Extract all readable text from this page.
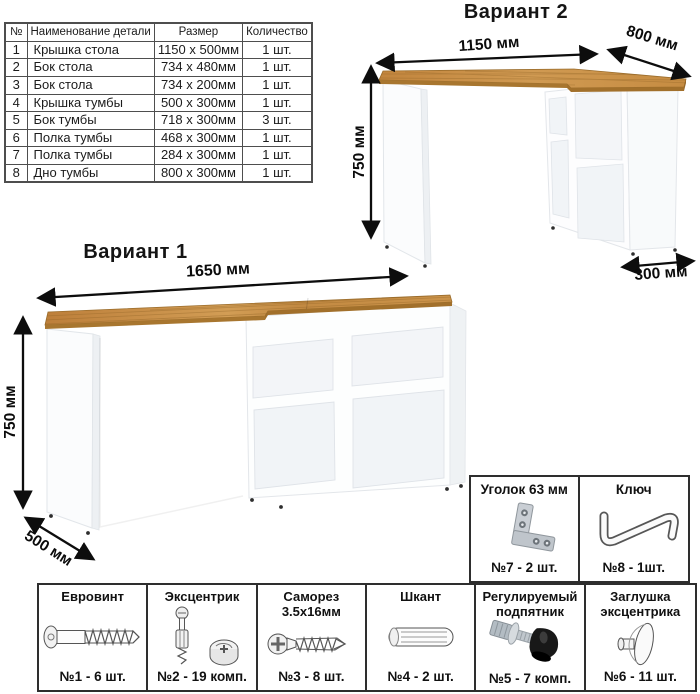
№	Наименование детали	Размер	Количество
1	Крышка стола	1150 x 500мм	1 шт.
2	Бок стола	734 x 480мм	1 шт.
3	Бок стола	734 x 200мм	1 шт.
4	Крышка тумбы	500 x 300мм	1 шт.
5	Бок тумбы	718 x 300мм	3 шт.
6	Полка тумбы	468 x 300мм	1 шт.
7	Полка тумбы	284 x 300мм	1 шт.
8	Дно тумбы	800 x 300мм	1 шт.
Вариант 2
1150 мм	800 мм
750 мм
300 мм
Вариант 1
1650 мм
750 мм
500 мм
Уголок 63 мм
№7 - 2 шт.
Ключ
№8 - 1шт.
Евровинт
№1 - 6 шт.
Эксцентрик
№2 - 19 комп.
Саморез 3.5x16мм
№3 - 8 шт.
Шкант
№4 - 2 шт.
Регулируемый подпятник
№5 - 7 комп.
Заглушка эксцентрика
№6 - 11 шт.
